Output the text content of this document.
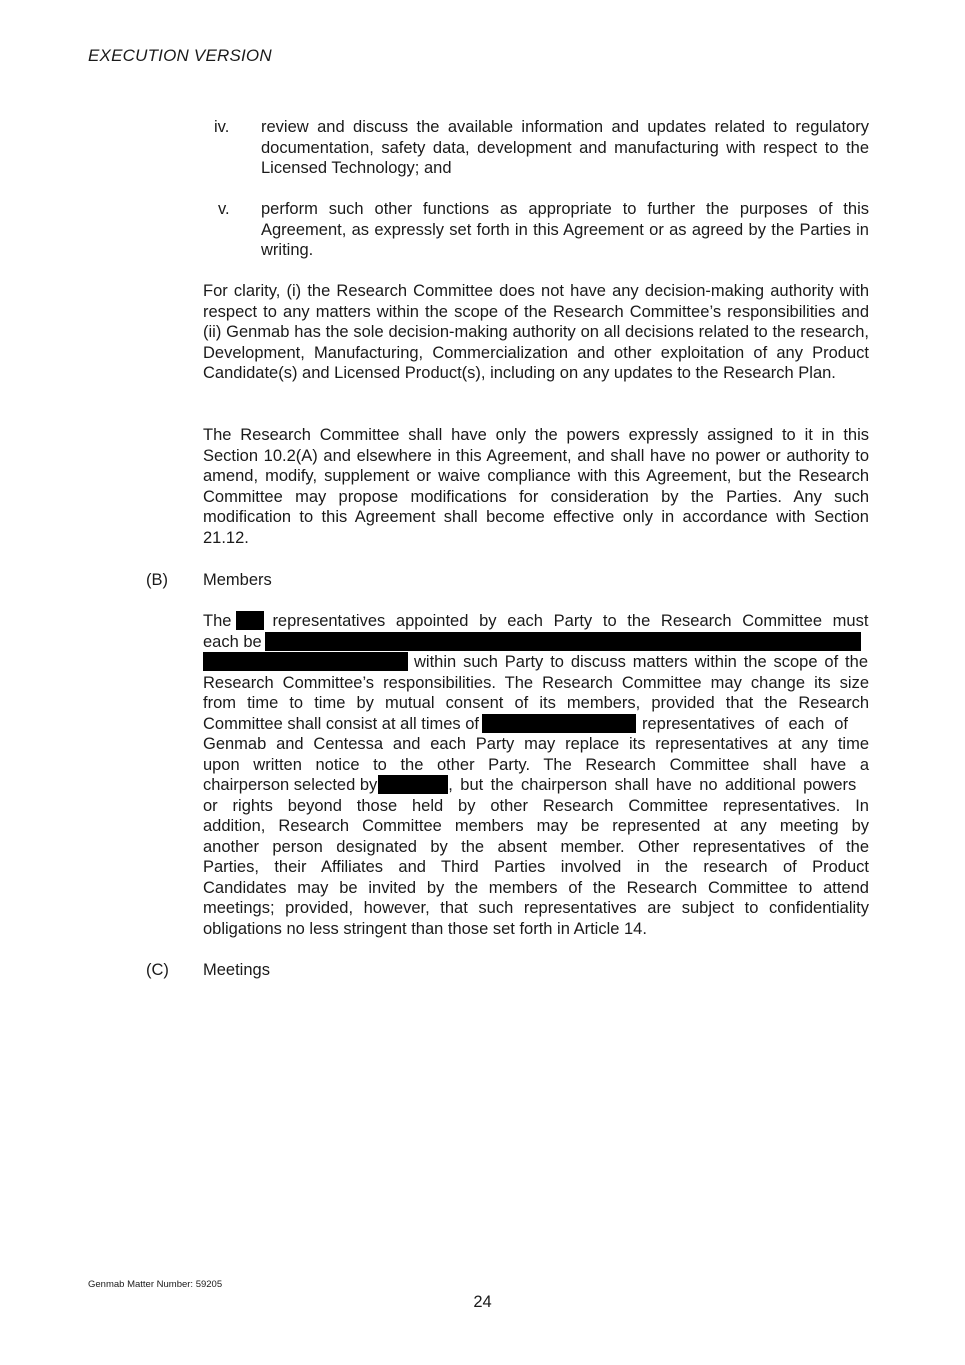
EXECUTION VERSION
iv. review and discuss the available information and updates related to regulatory documentation, safety data, development and manufacturing with respect to the Licensed Technology; and
v. perform such other functions as appropriate to further the purposes of this Agreement, as expressly set forth in this Agreement or as agreed by the Parties in writing.
For clarity, (i) the Research Committee does not have any decision-making authority with respect to any matters within the scope of the Research Committee’s responsibilities and (ii) Genmab has the sole decision-making authority on all decisions related to the research, Development, Manufacturing, Commercialization and other exploitation of any Product Candidate(s) and Licensed Product(s), including on any updates to the Research Plan.
The Research Committee shall have only the powers expressly assigned to it in this Section 10.2(A) and elsewhere in this Agreement, and shall have no power or authority to amend, modify, supplement or waive compliance with this Agreement, but the Research Committee may propose modifications for consideration by the Parties. Any such modification to this Agreement shall become effective only in accordance with Section 21.12.
(B) Members
The representatives appointed by each Party to the Research Committee must
each be
within such Party to discuss matters within the scope of the
Research Committee’s responsibilities. The Research Committee may change its size
from time to time by mutual consent of its members, provided that the Research
Committee shall consist at all times of	representatives of each of
Genmab and Centessa and each Party may replace its representatives at any time
upon written notice to the other Party. The Research Committee shall have a
chairperson selected by	, but the chairperson shall have no additional powers
or rights beyond those held by other Research Committee representatives. In
addition, Research Committee members may be represented at any meeting by
another person designated by the absent member. Other representatives of the
Parties, their Affiliates and Third Parties involved in the research of Product
Candidates may be invited by the members of the Research Committee to attend
meetings; provided, however, that such representatives are subject to confidentiality
obligations no less stringent than those set forth in Article 14.
(C) Meetings
Genmab Matter Number: 59205
24
